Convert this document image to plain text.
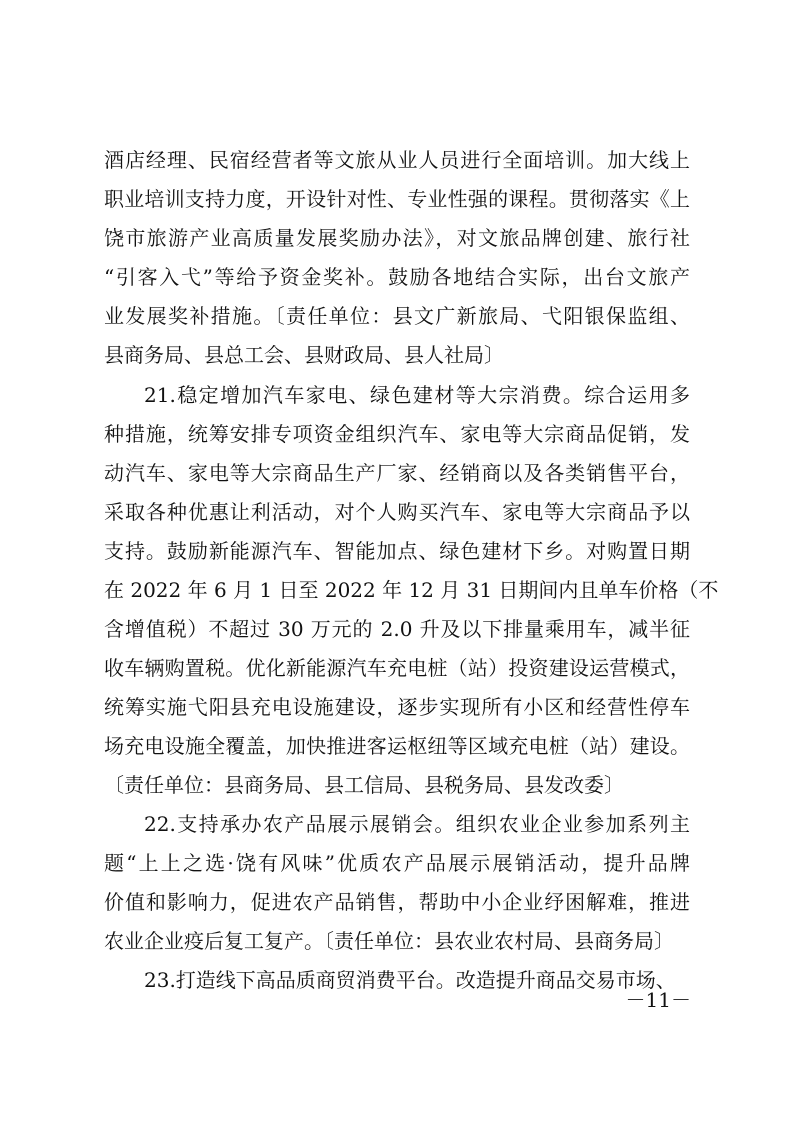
酒店经理、民宿经营者等文旅从业人员进行全面培训。加大线上
职业培训支持力度，开设针对性、专业性强的课程。贯彻落实《上
饶市旅游产业高质量发展奖励办法》，对文旅品牌创建、旅行社
“引客入弋”等给予资金奖补。鼓励各地结合实际，出台文旅产
业发展奖补措施。〔责任单位：县文广新旅局、弋阳银保监组、
县商务局、县总工会、县财政局、县人社局〕
21.稳定增加汽车家电、绿色建材等大宗消费。综合运用多
种措施，统筹安排专项资金组织汽车、家电等大宗商品促销，发
动汽车、家电等大宗商品生产厂家、经销商以及各类销售平台，
采取各种优惠让利活动，对个人购买汽车、家电等大宗商品予以
支持。鼓励新能源汽车、智能加点、绿色建材下乡。对购置日期
在 2022 年 6 月 1 日至 2022 年 12 月 31 日期间内且单车价格（不
含增值税）不超过 30 万元的 2.0 升及以下排量乘用车，减半征
收车辆购置税。优化新能源汽车充电桩（站）投资建设运营模式，
统筹实施弋阳县充电设施建设，逐步实现所有小区和经营性停车
场充电设施全覆盖，加快推进客运枢纽等区域充电桩（站）建设。
〔责任单位：县商务局、县工信局、县税务局、县发改委〕
22.支持承办农产品展示展销会。组织农业企业参加系列主
题“上上之选·饶有风味”优质农产品展示展销活动，提升品牌
价值和影响力，促进农产品销售，帮助中小企业纾困解难，推进
农业企业疫后复工复产。〔责任单位：县农业农村局、县商务局〕
23.打造线下高品质商贸消费平台。改造提升商品交易市场、
－11－
